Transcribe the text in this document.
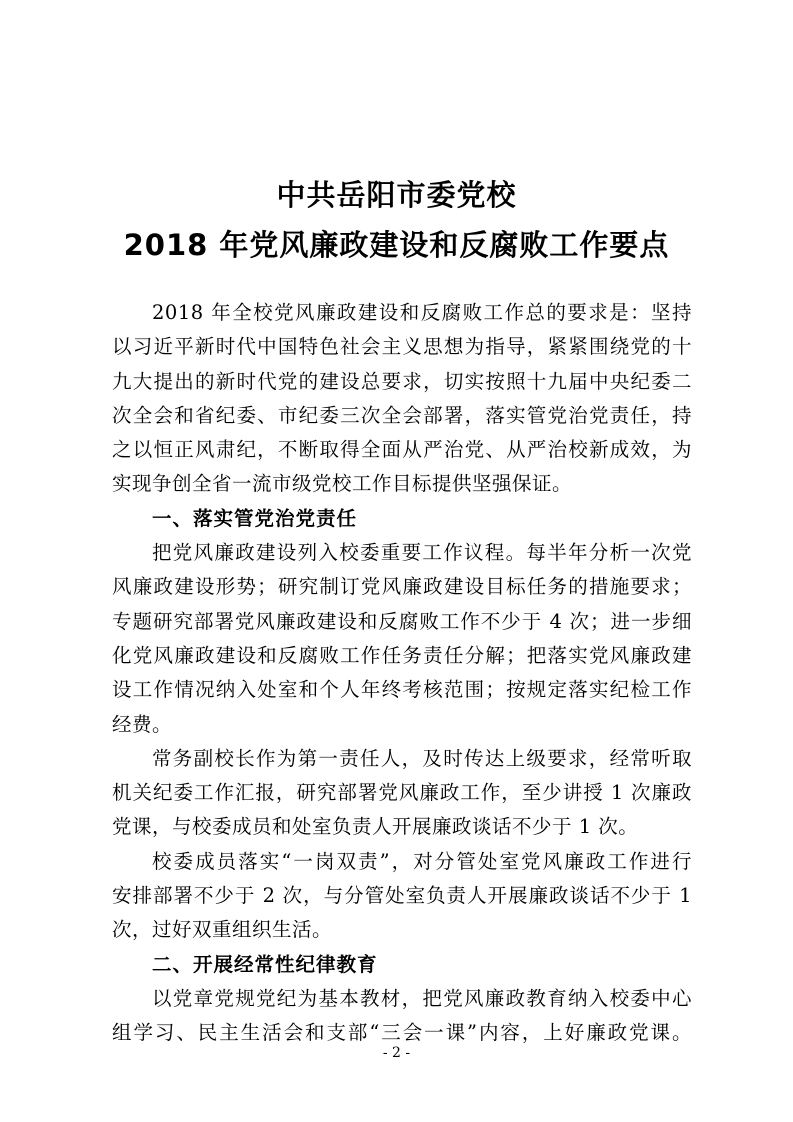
中共岳阳市委党校
2018 年党风廉政建设和反腐败工作要点
2018 年全校党风廉政建设和反腐败工作总的要求是：坚持
以习近平新时代中国特色社会主义思想为指导，紧紧围绕党的十
九大提出的新时代党的建设总要求，切实按照十九届中央纪委二
次全会和省纪委、市纪委三次全会部署，落实管党治党责任，持
之以恒正风肃纪，不断取得全面从严治党、从严治校新成效，为
实现争创全省一流市级党校工作目标提供坚强保证。
一、落实管党治党责任
把党风廉政建设列入校委重要工作议程。每半年分析一次党
风廉政建设形势；研究制订党风廉政建设目标任务的措施要求；
专题研究部署党风廉政建设和反腐败工作不少于 4 次；进一步细
化党风廉政建设和反腐败工作任务责任分解；把落实党风廉政建
设工作情况纳入处室和个人年终考核范围；按规定落实纪检工作
经费。
常务副校长作为第一责任人，及时传达上级要求，经常听取
机关纪委工作汇报，研究部署党风廉政工作，至少讲授 1 次廉政
党课，与校委成员和处室负责人开展廉政谈话不少于 1 次。
校委成员落实“一岗双责”，对分管处室党风廉政工作进行
安排部署不少于 2 次，与分管处室负责人开展廉政谈话不少于 1
次，过好双重组织生活。
二、开展经常性纪律教育
以党章党规党纪为基本教材，把党风廉政教育纳入校委中心
组学习、民主生活会和支部“三会一课”内容，上好廉政党课。
- 2 -
